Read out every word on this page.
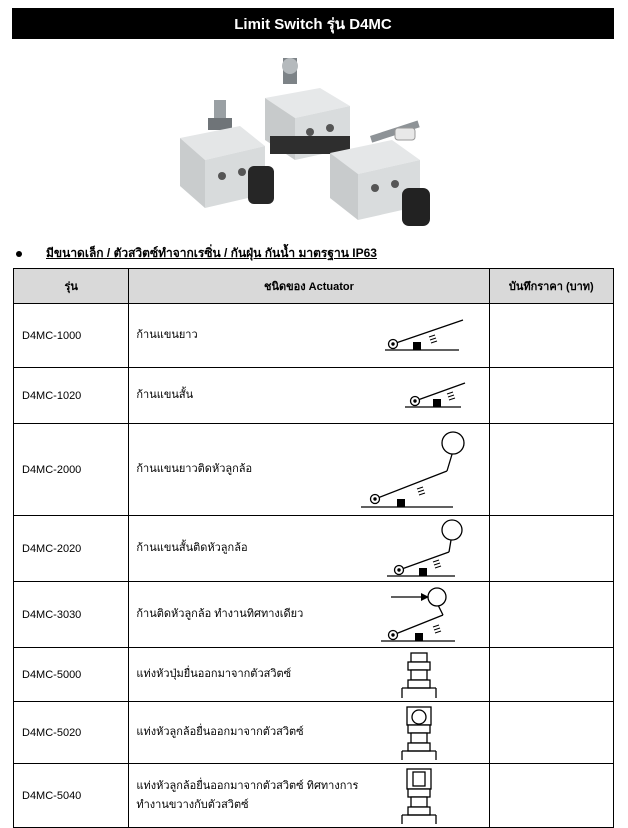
Limit Switch รุ่น D4MC
มีขนาดเล็ก / ตัวสวิตซ์ทำจากเรซิ่น / กันฝุ่น กันน้ำ มาตรฐาน IP63
รุ่น	ชนิดของ Actuator	บันทึกราคา (บาท)
D4MC-1000	ก้านแขนยาว	

D4MC-1020	ก้านแขนสั้น	

D4MC-2000	ก้านแขนยาวติดหัวลูกล้อ	

D4MC-2020	ก้านแขนสั้นติดหัวลูกล้อ	

D4MC-3030	ก้านติดหัวลูกล้อ ทำงานทิศทางเดียว	

D4MC-5000	แท่งหัวปุ่มยื่นออกมาจากตัวสวิตซ์	

D4MC-5020	แท่งหัวลูกล้อยื่นออกมาจากตัวสวิตซ์	

D4MC-5040	แท่งหัวลูกล้อยื่นออกมาจากตัวสวิตซ์ ทิศทางการ
ทำงานขวางกับตัวสวิตซ์	
